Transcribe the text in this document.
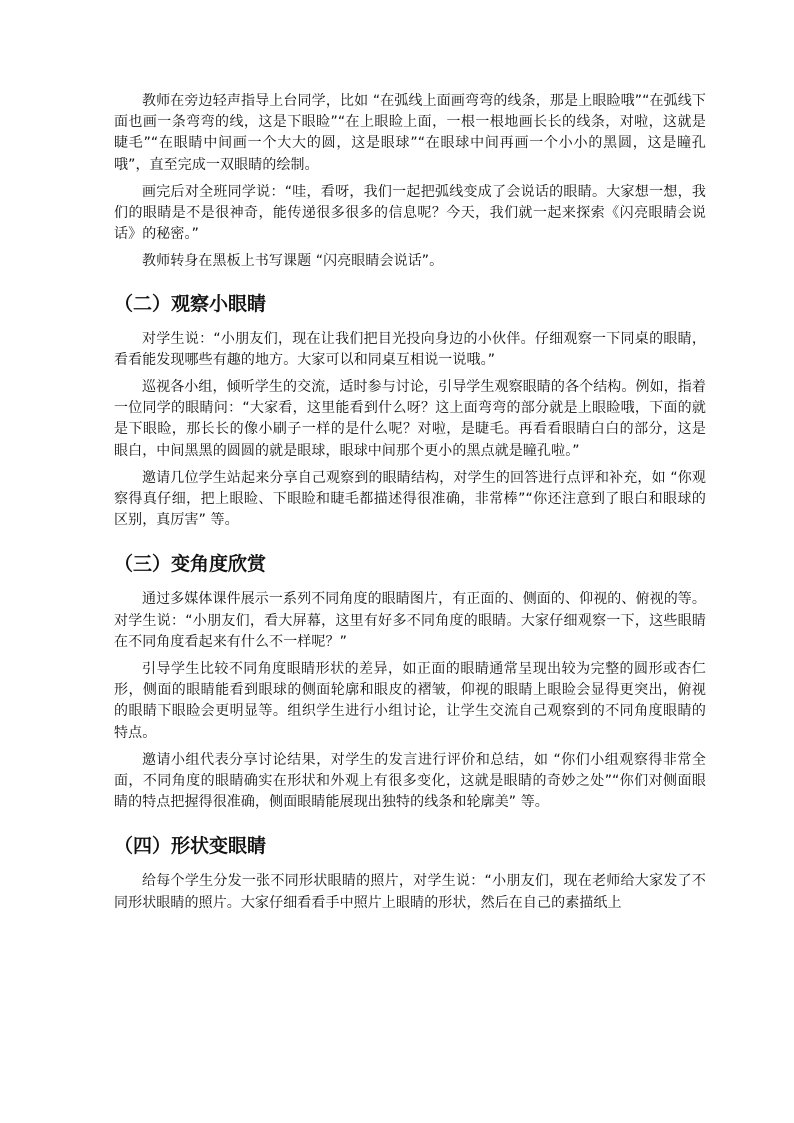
教师在旁边轻声指导上台同学，比如 “在弧线上面画弯弯的线条，那是上眼睑哦”“在弧线下面也画一条弯弯的线，这是下眼睑”“在上眼睑上面，一根一根地画长长的线条，对啦，这就是睫毛”“在眼睛中间画一个大大的圆，这是眼球”“在眼球中间再画一个小小的黑圆，这是瞳孔哦”，直至完成一双眼睛的绘制。

画完后对全班同学说：“哇，看呀，我们一起把弧线变成了会说话的眼睛。大家想一想，我们的眼睛是不是很神奇，能传递很多很多的信息呢？今天，我们就一起来探索《闪亮眼睛会说话》的秘密。”

教师转身在黑板上书写课题 “闪亮眼睛会说话”。

（二）观察小眼睛

对学生说：“小朋友们，现在让我们把目光投向身边的小伙伴。仔细观察一下同桌的眼睛，看看能发现哪些有趣的地方。大家可以和同桌互相说一说哦。”

巡视各小组，倾听学生的交流，适时参与讨论，引导学生观察眼睛的各个结构。例如，指着一位同学的眼睛问：“大家看，这里能看到什么呀？这上面弯弯的部分就是上眼睑哦，下面的就是下眼睑，那长长的像小刷子一样的是什么呢？对啦，是睫毛。再看看眼睛白白的部分，这是眼白，中间黑黑的圆圆的就是眼球，眼球中间那个更小的黑点就是瞳孔啦。”

邀请几位学生站起来分享自己观察到的眼睛结构，对学生的回答进行点评和补充，如 “你观察得真仔细，把上眼睑、下眼睑和睫毛都描述得很准确，非常棒”“你还注意到了眼白和眼球的区别，真厉害” 等。

（三）变角度欣赏

通过多媒体课件展示一系列不同角度的眼睛图片，有正面的、侧面的、仰视的、俯视的等。对学生说：“小朋友们，看大屏幕，这里有好多不同角度的眼睛。大家仔细观察一下，这些眼睛在不同角度看起来有什么不一样呢？”

引导学生比较不同角度眼睛形状的差异，如正面的眼睛通常呈现出较为完整的圆形或杏仁形，侧面的眼睛能看到眼球的侧面轮廓和眼皮的褶皱，仰视的眼睛上眼睑会显得更突出，俯视的眼睛下眼睑会更明显等。组织学生进行小组讨论，让学生交流自己观察到的不同角度眼睛的特点。

邀请小组代表分享讨论结果，对学生的发言进行评价和总结，如 “你们小组观察得非常全面，不同角度的眼睛确实在形状和外观上有很多变化，这就是眼睛的奇妙之处”“你们对侧面眼睛的特点把握得很准确，侧面眼睛能展现出独特的线条和轮廓美” 等。

（四）形状变眼睛

给每个学生分发一张不同形状眼睛的照片，对学生说：“小朋友们，现在老师给大家发了不同形状眼睛的照片。大家仔细看看手中照片上眼睛的形状，然后在自己的素描纸上
